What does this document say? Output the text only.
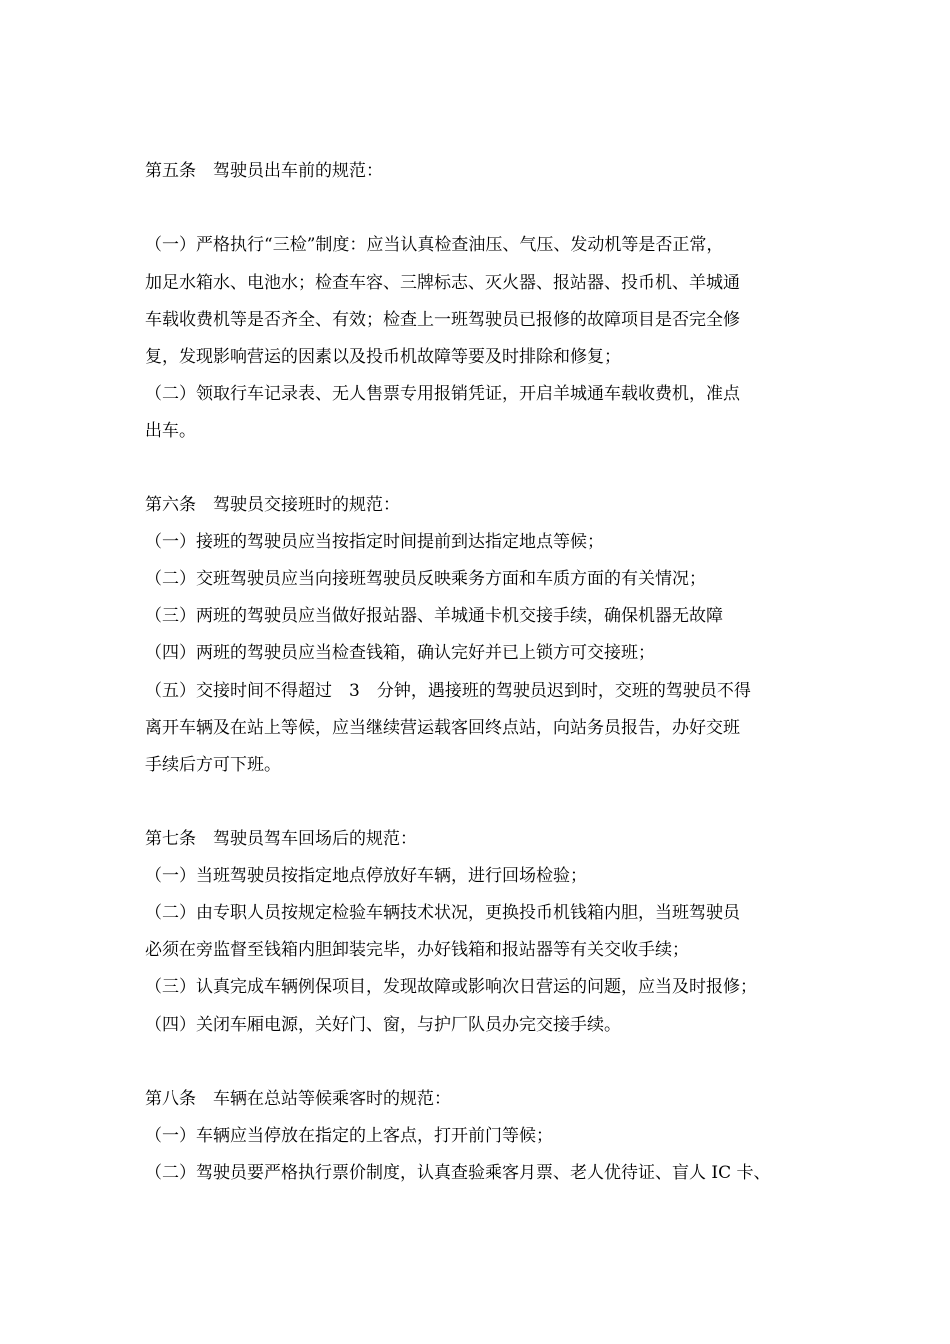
第五条　驾驶员出车前的规范：
（一）严格执行“三检”制度：应当认真检查油压、气压、发动机等是否正常，
加足水箱水、电池水；检查车容、三牌标志、灭火器、报站器、投币机、羊城通
车载收费机等是否齐全、有效；检查上一班驾驶员已报修的故障项目是否完全修
复，发现影响营运的因素以及投币机故障等要及时排除和修复；
（二）领取行车记录表、无人售票专用报销凭证，开启羊城通车载收费机，准点
出车。
第六条　驾驶员交接班时的规范：
（一）接班的驾驶员应当按指定时间提前到达指定地点等候；
（二）交班驾驶员应当向接班驾驶员反映乘务方面和车质方面的有关情况；
（三）两班的驾驶员应当做好报站器、羊城通卡机交接手续，确保机器无故障
（四）两班的驾驶员应当检查钱箱，确认完好并已上锁方可交接班；
（五）交接时间不得超过　3　分钟，遇接班的驾驶员迟到时，交班的驾驶员不得
离开车辆及在站上等候，应当继续营运载客回终点站，向站务员报告，办好交班
手续后方可下班。
第七条　驾驶员驾车回场后的规范：
（一）当班驾驶员按指定地点停放好车辆，进行回场检验；
（二）由专职人员按规定检验车辆技术状况，更换投币机钱箱内胆，当班驾驶员
必须在旁监督至钱箱内胆卸装完毕，办好钱箱和报站器等有关交收手续；
（三）认真完成车辆例保项目，发现故障或影响次日营运的问题，应当及时报修；
（四）关闭车厢电源，关好门、窗，与护厂队员办完交接手续。
第八条　车辆在总站等候乘客时的规范：
（一）车辆应当停放在指定的上客点，打开前门等候；
（二）驾驶员要严格执行票价制度，认真查验乘客月票、老人优待证、盲人 IC 卡、
